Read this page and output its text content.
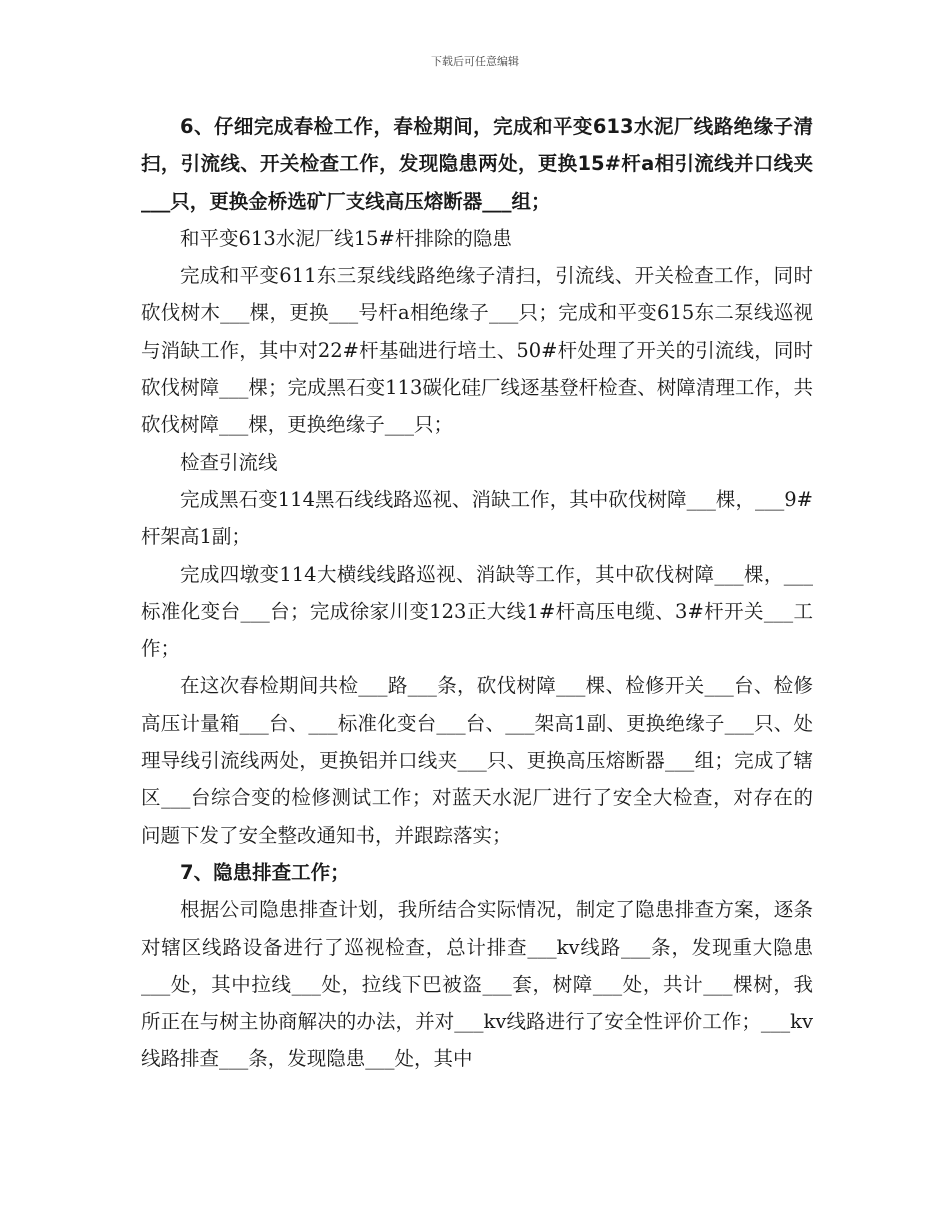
下载后可任意编辑

6、仔细完成春检工作，春检期间，完成和平变613水泥厂线路绝缘子清扫，引流线、开关检查工作，发现隐患两处，更换15#杆a相引流线并口线夹___只，更换金桥选矿厂支线高压熔断器___组；

和平变613水泥厂线15#杆排除的隐患

完成和平变611东三泵线线路绝缘子清扫，引流线、开关检查工作，同时砍伐树木___棵，更换___号杆a相绝缘子___只；完成和平变615东二泵线巡视与消缺工作，其中对22#杆基础进行培土、50#杆处理了开关的引流线，同时砍伐树障___棵；完成黑石变113碳化硅厂线逐基登杆检查、树障清理工作，共砍伐树障___棵，更换绝缘子___只；

检查引流线

完成黑石变114黑石线线路巡视、消缺工作，其中砍伐树障___棵，___9#杆架高1副；

完成四墩变114大横线线路巡视、消缺等工作，其中砍伐树障___棵，___标准化变台___台；完成徐家川变123正大线1#杆高压电缆、3#杆开关___工作；

在这次春检期间共检___路___条，砍伐树障___棵、检修开关___台、检修高压计量箱___台、___标准化变台___台、___架高1副、更换绝缘子___只、处理导线引流线两处，更换铝并口线夹___只、更换高压熔断器___组；完成了辖区___台综合变的检修测试工作；对蓝天水泥厂进行了安全大检查，对存在的问题下发了安全整改通知书，并跟踪落实；

7、隐患排查工作；

根据公司隐患排查计划，我所结合实际情况，制定了隐患排查方案，逐条对辖区线路设备进行了巡视检查，总计排查___kv线路___条，发现重大隐患___处，其中拉线___处，拉线下巴被盗___套，树障___处，共计___棵树，我所正在与树主协商解决的办法，并对___kv线路进行了安全性评价工作；___kv线路排查___条，发现隐患___处，其中
